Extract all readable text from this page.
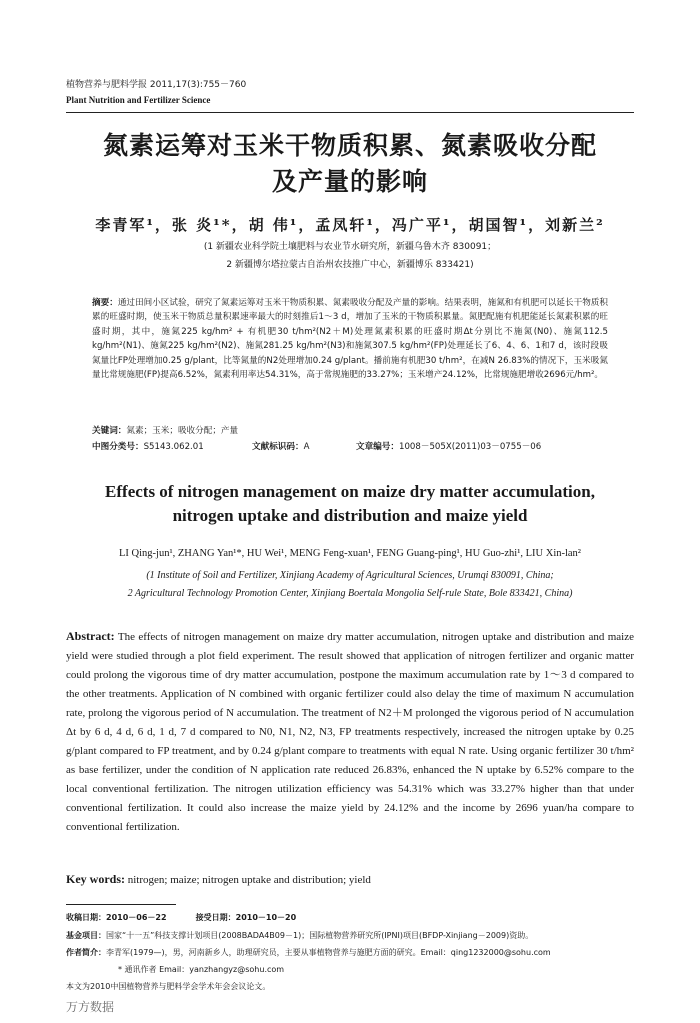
植物营养与肥料学报 2011,17(3):755－760
Plant Nutrition and Fertilizer Science
氮素运筹对玉米干物质积累、氮素吸收分配
及产量的影响
李青军¹，张 炎¹*，胡 伟¹，孟凤轩¹，冯广平¹，胡国智¹，刘新兰²
(1 新疆农业科学院土壤肥料与农业节水研究所，新疆乌鲁木齐 830091；
2 新疆博尔塔拉蒙古自治州农技推广中心，新疆博乐 833421)
摘要：通过田间小区试验，研究了氮素运筹对玉米干物质积累、氮素吸收分配及产量的影响。结果表明，施氮和有机肥可以延长干物质积累的旺盛时期，使玉米干物质总量积累速率最大的时刻推后1～3 d，增加了玉米的干物质积累量。氮肥配施有机肥能延长氮素积累的旺盛时期，其中，施氮225 kg/hm² + 有机肥30 t/hm²(N2＋M)处理氮素积累的旺盛时期Δt分别比不施氮(N0)、施氮112.5 kg/hm²(N1)、施氮225 kg/hm²(N2)、施氮281.25 kg/hm²(N3)和施氮307.5 kg/hm²(FP)处理延长了6、4、6、1和7 d，该时段吸氮量比FP处理增加0.25 g/plant，比等氮量的N2处理增加0.24 g/plant。播前施有机肥30 t/hm²，在减N 26.83%的情况下，玉米吸氮量比常规施肥(FP)提高6.52%，氮素利用率达54.31%，高于常规施肥的33.27%；玉米增产24.12%，比常规施肥增收2696元/hm²。
关键词：氮素；玉米；吸收分配；产量
中图分类号：S5143.062.01	文献标识码：A	文章编号：1008－505X(2011)03－0755－06
Effects of nitrogen management on maize dry matter accumulation,
nitrogen uptake and distribution and maize yield
LI Qing-jun¹, ZHANG Yan¹*, HU Wei¹, MENG Feng-xuan¹, FENG Guang-ping¹, HU Guo-zhi¹, LIU Xin-lan²
(1 Institute of Soil and Fertilizer, Xinjiang Academy of Agricultural Sciences, Urumqi 830091, China;
2 Agricultural Technology Promotion Center, Xinjiang Boertala Mongolia Self-rule State, Bole 833421, China)
Abstract: The effects of nitrogen management on maize dry matter accumulation, nitrogen uptake and distribution and maize yield were studied through a plot field experiment. The result showed that application of nitrogen fertilizer and organic matter could prolong the vigorous time of dry matter accumulation, postpone the maximum accumulation rate by 1～3 d compared to the other treatments. Application of N combined with organic fertilizer could also delay the time of maximum N accumulation rate, prolong the vigorous period of N accumulation. The treatment of N2＋M prolonged the vigorous period of N accumulation Δt by 6 d, 4 d, 6 d, 1 d, 7 d compared to N0, N1, N2, N3, FP treatments respectively, increased the nitrogen uptake by 0.25 g/plant compared to FP treatment, and by 0.24 g/plant compare to treatments with equal N rate. Using organic fertilizer 30 t/hm² as base fertilizer, under the condition of N application rate reduced 26.83%, enhanced the N uptake by 6.52% compare to the local conventional fertilization. The nitrogen utilization efficiency was 54.31% which was 33.27% higher than that under conventional fertilization. It could also increase the maize yield by 24.12% and the income by 2696 yuan/ha compare to conventional fertilization.
Key words: nitrogen; maize; nitrogen uptake and distribution; yield
收稿日期：2010－06－22	接受日期：2010－10－20
基金项目：国家“十一五”科技支撑计划项目(2008BADA4B09－1)；国际植物营养研究所(IPNI)项目(BFDP-Xinjiang－2009)资助。
作者简介：李青军(1979—)，男，河南新乡人，助理研究员，主要从事植物营养与施肥方面的研究。Email：qing1232000@sohu.com
* 通讯作者 Email：yanzhangyz@sohu.com
本文为2010中国植物营养与肥料学会学术年会会议论文。
万方数据
